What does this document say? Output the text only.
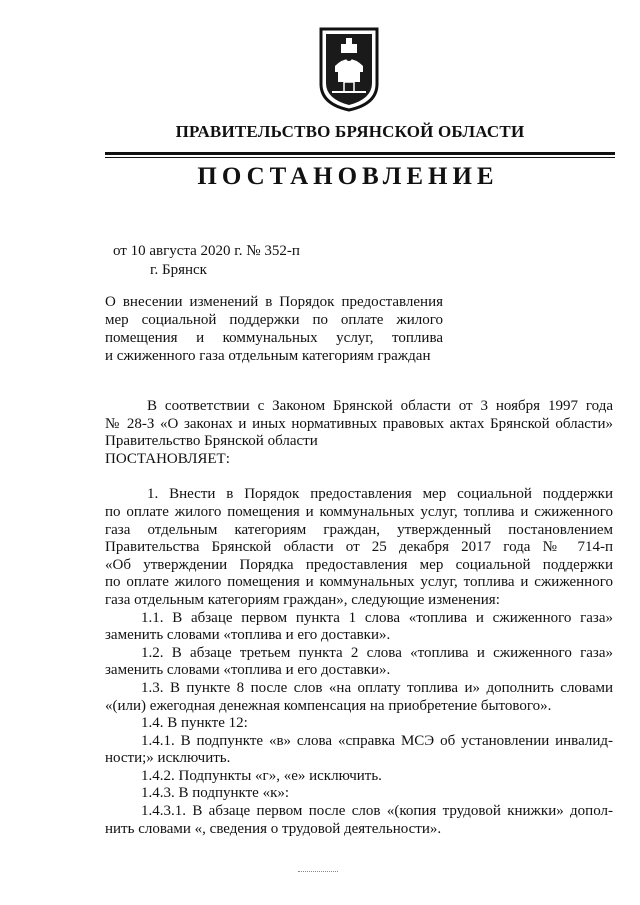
ПРАВИТЕЛЬСТВО БРЯНСКОЙ ОБЛАСТИ
ПОСТАНОВЛЕНИЕ
от 10 августа 2020 г. № 352-п
г. Брянск
О внесении изменений в Порядок предоставления
мер социальной поддержки по оплате жилого
помещения и коммунальных услуг, топлива
и сжиженного газа отдельным категориям граждан
В соответствии с Законом Брянской области от 3 ноября 1997 года
№ 28-З «О законах и иных нормативных правовых актах Брянской области»
Правительство Брянской области
ПОСТАНОВЛЯЕТ:
1. Внести в Порядок предоставления мер социальной поддержки
по оплате жилого помещения и коммунальных услуг, топлива и сжиженного
газа отдельным категориям граждан, утвержденный постановлением
Правительства Брянской области от 25 декабря 2017 года № 714-п
«Об утверждении Порядка предоставления мер социальной поддержки
по оплате жилого помещения и коммунальных услуг, топлива и сжиженного
газа отдельным категориям граждан», следующие изменения:
1.1. В абзаце первом пункта 1 слова «топлива и сжиженного газа»
заменить словами «топлива и его доставки».
1.2. В абзаце третьем пункта 2 слова «топлива и сжиженного газа»
заменить словами «топлива и его доставки».
1.3. В пункте 8 после слов «на оплату топлива и» дополнить словами
«(или) ежегодная денежная компенсация на приобретение бытового».
1.4. В пункте 12:
1.4.1. В подпункте «в» слова «справка МСЭ об установлении инвалид-
ности;» исключить.
1.4.2. Подпункты «г», «е» исключить.
1.4.3. В подпункте «к»:
1.4.3.1. В абзаце первом после слов «(копия трудовой книжки» допол-
нить словами «, сведения о трудовой деятельности».
